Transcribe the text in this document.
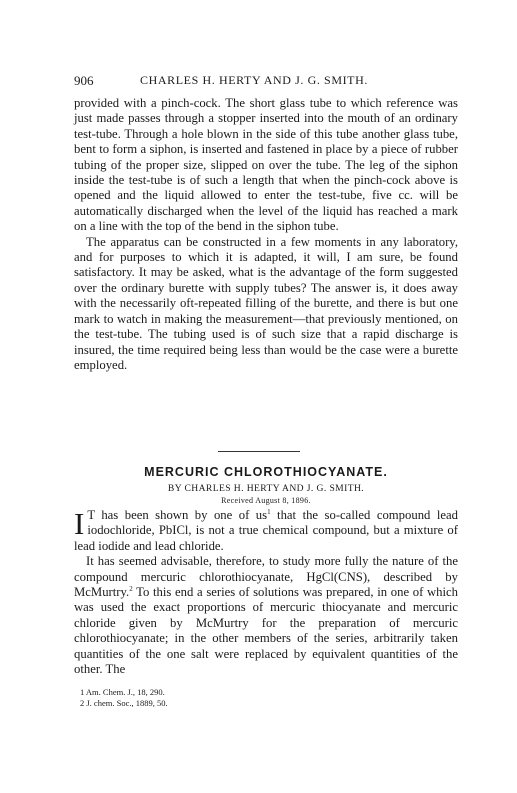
906	CHARLES H. HERTY AND J. G. SMITH.

provided with a pinch-cock. The short glass tube to which reference was just made passes through a stopper inserted into the mouth of an ordinary test-tube. Through a hole blown in the side of this tube another glass tube, bent to form a siphon, is inserted and fastened in place by a piece of rubber tubing of the proper size, slipped on over the tube. The leg of the siphon inside the test-tube is of such a length that when the pinch-cock above is opened and the liquid allowed to enter the test-tube, five cc. will be automatically discharged when the level of the liquid has reached a mark on a line with the top of the bend in the siphon tube.

The apparatus can be constructed in a few moments in any laboratory, and for purposes to which it is adapted, it will, I am sure, be found satisfactory. It may be asked, what is the advantage of the form suggested over the ordinary burette with supply tubes? The answer is, it does away with the necessarily oft-repeated filling of the burette, and there is but one mark to watch in making the measurement—that previously mentioned, on the test-tube. The tubing used is of such size that a rapid discharge is insured, the time required being less than would be the case were a burette employed.

MERCURIC CHLOROTHIOCYANATE.
BY CHARLES H. HERTY AND J. G. SMITH.
Received August 8, 1896.

I T has been shown by one of $us^1$ that the so-called compound lead iodochloride, PbICl, is not a true chemical compound, but a mixture of lead iodide and lead chloride.

It has seemed advisable, therefore, to study more fully the nature of the compound mercuric chlorothiocyanate, HgCl(CNS), described by McMurtry.$^2$ To this end a series of solutions was prepared, in one of which was used the exact proportions of mercuric thiocyanate and mercuric chloride given by McMurtry for the preparation of mercuric chlorothiocyanate; in the other members of the series, arbitrarily taken quantities of the one salt were replaced by equivalent quantities of the other. The

1 Am. Chem. J., 18, 290.
2 J. chem. Soc., 1889, 50.
